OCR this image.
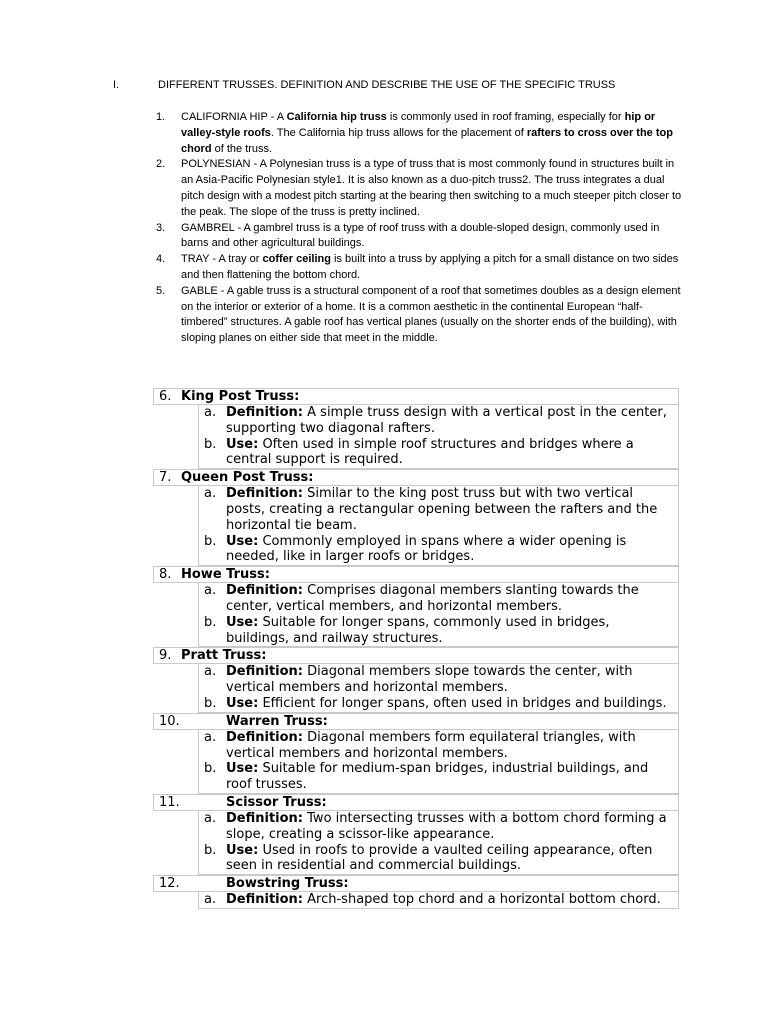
I.	DIFFERENT TRUSSES. DEFINITION AND DESCRIBE THE USE OF THE SPECIFIC TRUSS
1. CALIFORNIA HIP - A California hip truss is commonly used in roof framing, especially for hip or valley-style roofs. The California hip truss allows for the placement of rafters to cross over the top chord of the truss.
2. POLYNESIAN - A Polynesian truss is a type of truss that is most commonly found in structures built in an Asia-Pacific Polynesian style1. It is also known as a duo-pitch truss2. The truss integrates a dual pitch design with a modest pitch starting at the bearing then switching to a much steeper pitch closer to the peak. The slope of the truss is pretty inclined.
3. GAMBREL - A gambrel truss is a type of roof truss with a double-sloped design, commonly used in barns and other agricultural buildings.
4. TRAY - A tray or coffer ceiling is built into a truss by applying a pitch for a small distance on two sides and then flattening the bottom chord.
5. GABLE - A gable truss is a structural component of a roof that sometimes doubles as a design element on the interior or exterior of a home. It is a common aesthetic in the continental European “half-timbered” structures. A gable roof has vertical planes (usually on the shorter ends of the building), with sloping planes on either side that meet in the middle.
6. King Post Truss:
a. Definition: A simple truss design with a vertical post in the center, supporting two diagonal rafters.
b. Use: Often used in simple roof structures and bridges where a central support is required.
7. Queen Post Truss:
a. Definition: Similar to the king post truss but with two vertical posts, creating a rectangular opening between the rafters and the horizontal tie beam.
b. Use: Commonly employed in spans where a wider opening is needed, like in larger roofs or bridges.
8. Howe Truss:
a. Definition: Comprises diagonal members slanting towards the center, vertical members, and horizontal members.
b. Use: Suitable for longer spans, commonly used in bridges, buildings, and railway structures.
9. Pratt Truss:
a. Definition: Diagonal members slope towards the center, with vertical members and horizontal members.
b. Use: Efficient for longer spans, often used in bridges and buildings.
10.	Warren Truss:
a. Definition: Diagonal members form equilateral triangles, with vertical members and horizontal members.
b. Use: Suitable for medium-span bridges, industrial buildings, and roof trusses.
11.	Scissor Truss:
a. Definition: Two intersecting trusses with a bottom chord forming a slope, creating a scissor-like appearance.
b. Use: Used in roofs to provide a vaulted ceiling appearance, often seen in residential and commercial buildings.
12.	Bowstring Truss:
a. Definition: Arch-shaped top chord and a horizontal bottom chord.
